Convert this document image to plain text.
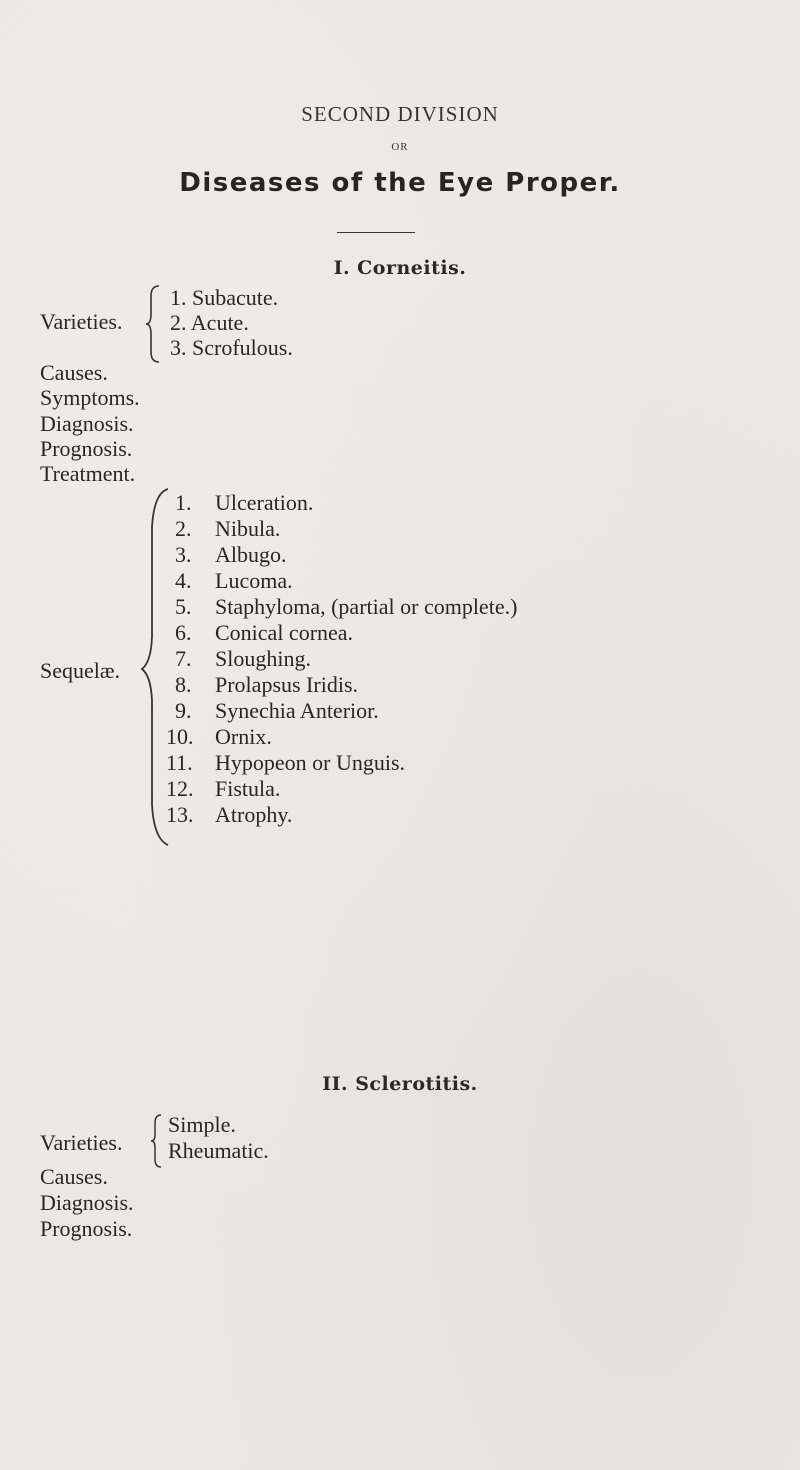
SECOND DIVISION
OR
Diseases of the Eye Proper.
I. Corneitis.
Varieties.
1. Subacute.
2. Acute.
3. Scrofulous.
Causes.
Symptoms.
Diagnosis.
Prognosis.
Treatment.
Sequelæ.
1. Ulceration.
2. Nibula.
3. Albugo.
4. Lucoma.
5. Staphyloma, (partial or complete.)
6. Conical cornea.
7. Sloughing.
8. Prolapsus Iridis.
9. Synechia Anterior.
10. Ornix.
11. Hypopeon or Unguis.
12. Fistula.
13. Atrophy.
II. Sclerotitis.
Varieties.
Simple.
Rheumatic.
Causes.
Diagnosis.
Prognosis.
